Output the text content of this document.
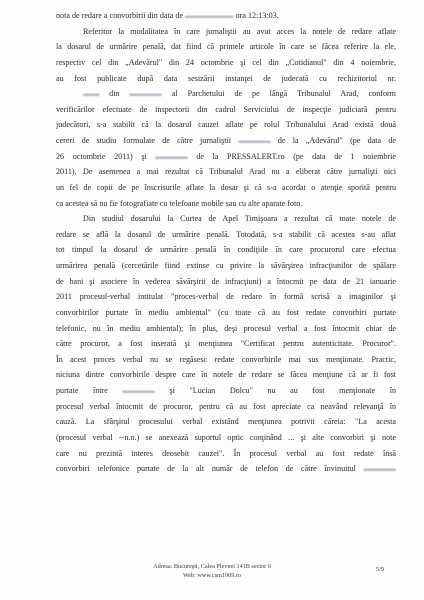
nota de redare a convorbirii din data de ▬▬▬▬▬▬ ora 12:13:03.
Referitor la modalitatea în care jurnaliştii au avut acces la notele de redare aflate
la dosarul de urmărire penală, dat fiind că primele articole în care se făcea referire la ele,
respectiv cel din „Adevărul" din 24 octombrie şi cel din „Cotidianul" din 4 noiembrie,
au fost publicate după data sesizării instanţei de judecată cu rechizitoriul nr.
▬▬ din ▬▬▬▬ al Parchetului de pe lângă Tribunalul Arad, conform
verificărilor efectuate de inspectorii din cadrul Serviciului de inspecţie judiciară pentru
judecători, s-a stabilit că la dosarul cauzei aflate pe rolul Tribunalului Arad există două
cereri de studiu formulate de către jurnaliştii ▬▬▬▬ de la „Adevărul" (pe data de
26 octombrie 2011) şi ▬▬▬▬ de la PRESSALERT.ro (pe data de 1 noiembrie
2011). De asemenea a mai rezultat că Tribunalul Arad nu a eliberat către jurnalişti nici
un fel de copii de pe înscrisurile aflate la dosar şi că s-a acordat o atenţie sporită pentru
ca acestea să nu fie fotografiate cu telefoane mobile sau cu alte aparate foto.
Din studiul dosarului la Curtea de Apel Timişoara a rezultat că toate notele de
redare se află la dosarul de urmărire penală. Totodată, s-a stabilit că acestea s-au aflat
tot timpul la dosarul de urmărire penală în condiţiile în care procurorul care efectua
urmărirea penală (cercetările fiind extinse cu privire la săvârşirea infracţiunilor de spălare
de bani şi asociere în vederea săvârşirii de infracţiuni) a întocmit pe data de 21 ianuarie
2011 procesul-verbal intitulat "proces-verbal de redare în formă scrisă a imaginilor şi
convorbirilor purtate în mediu ambiental" (cu toate că au fost redate convorbiri purtate
telefonic, nu în mediu ambiental); în plus, deşi procesul verbal a fost întocmit chiar de
către procuror, a fost inserată şi menţiunea "Certificat pentru autenticitate. Procuror".
În acest proces verbal nu se regăsesc redate convorbirile mai sus menţionate. Practic,
niciuna dintre convorbirile despre care în notele de redare se făcea menţiune că ar fi fost
purtate între ▬▬▬▬ şi "Lucian Dolcu" nu au fost menţionate în
procesul verbal întocmit de procuror, pentru că au fost apreciate ca neavând relevanţă în
cauză. La sfârşitul procesului verbal existând menţiunea potrivit căreia: "La acesta
(procesul verbal --n.n.) se anexează suportul optic conţinând ... şi alte convorbiri şi note
care nu prezintă interes deosebit cauzei". În procesul verbal au fost redate însă
convorbiri telefonice purtate de la alt număr de telefon de către învinuitul ▬▬▬▬
Adresa: Bucureşti, Calea Plevnei 141B sector 6
Web: www.csm1909.ro
5/9
